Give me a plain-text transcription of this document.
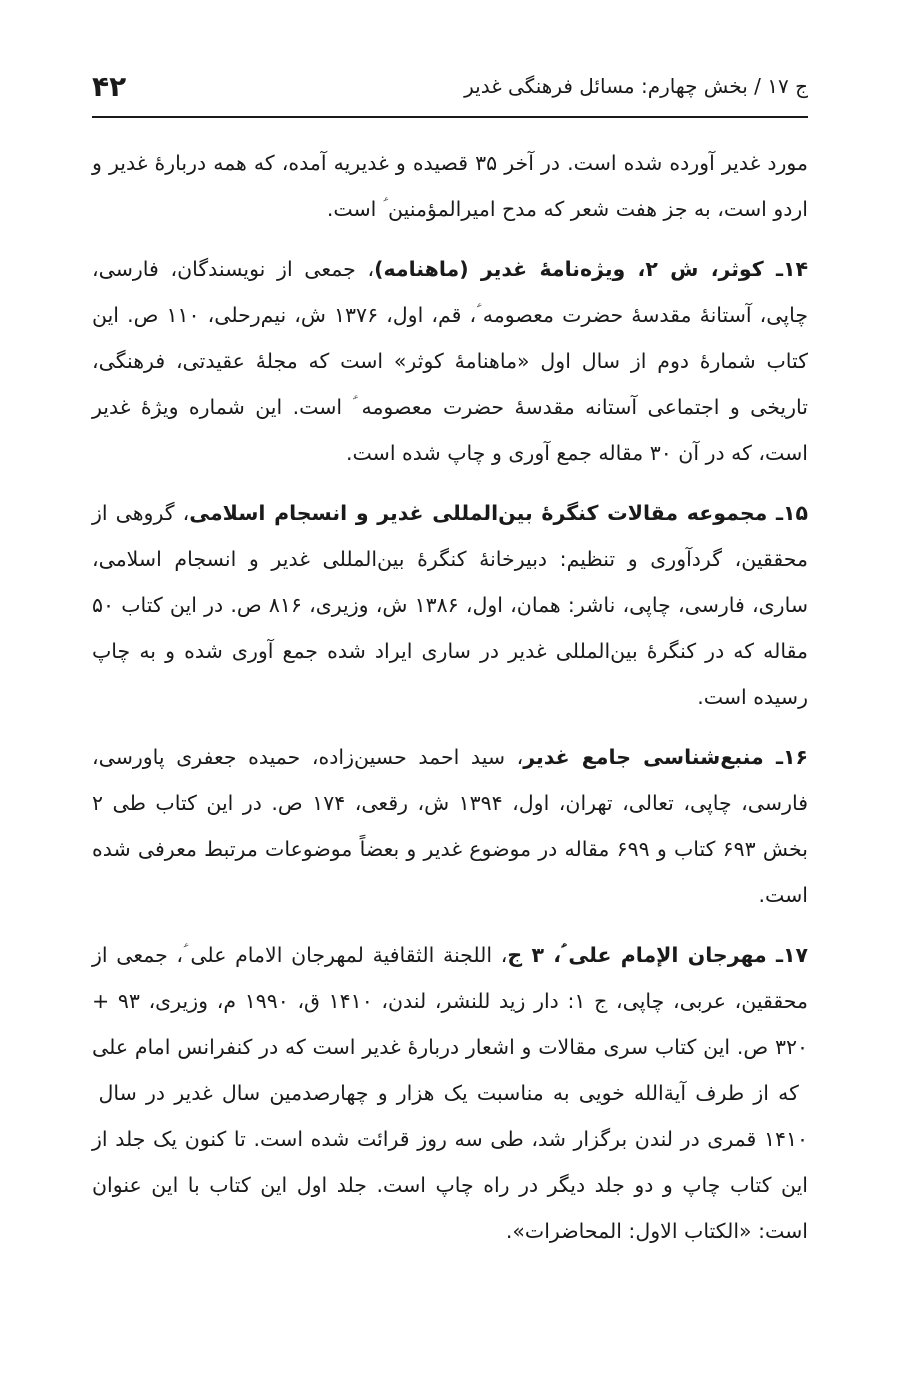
ج ۱۷ / بخش چهارم: مسائل فرهنگی غدیر
۴۲

مورد غدیر آورده شده است. در آخر ۳۵ قصیده و غدیریه آمده، که همه دربارهٔ غدیر و اردو است، به جز هفت شعر که مدح امیرالمؤمنین ؑ است.

۱۴ـ کوثر، ش ۲، ویژه‌نامهٔ غدیر (ماهنامه)، جمعی از نویسندگان، فارسی، چاپی، آستانهٔ مقدسهٔ حضرت معصومه ؑ، قم، اول، ۱۳۷۶ ش، نیم‌رحلی، ۱۱۰ ص. این کتاب شمارهٔ دوم از سال اول «ماهنامهٔ کوثر» است که مجلهٔ عقیدتی، فرهنگی، تاریخی و اجتماعی آستانه مقدسهٔ حضرت معصومه ؑ است. این شماره ویژهٔ غدیر است، که در آن ۳۰ مقاله جمع آوری و چاپ شده است.

۱۵ـ مجموعه مقالات کنگرهٔ بین‌المللی غدیر و انسجام اسلامی، گروهی از محققین، گردآوری و تنظیم: دبیرخانهٔ کنگرهٔ بین‌المللی غدیر و انسجام اسلامی، ساری، فارسی، چاپی، ناشر: همان، اول، ۱۳۸۶ ش، وزیری، ۸۱۶ ص. در این کتاب ۵۰ مقاله که در کنگرهٔ بین‌المللی غدیر در ساری ایراد شده جمع آوری شده و به چاپ رسیده است.

۱۶ـ منبع‌شناسی جامع غدیر، سید احمد حسین‌زاده، حمیده جعفری پاورسی، فارسی، چاپی، تعالی، تهران، اول، ۱۳۹۴ ش، رقعی، ۱۷۴ ص. در این کتاب طی ۲ بخش ۶۹۳ کتاب و ۶۹۹ مقاله در موضوع غدیر و بعضاً موضوعات مرتبط معرفی شده است.

۱۷ـ مهرجان الإمام علی ؑ، ۳ ج، اللجنة الثقافیة لمهرجان الامام علی ؑ، جمعی از محققین، عربی، چاپی، ج ۱: دار زید للنشر، لندن، ۱۴۱۰ ق، ۱۹۹۰ م، وزیری، ۹۳ + ۳۲۰ ص. این کتاب سری مقالات و اشعار دربارهٔ غدیر است که در کنفرانس امام علی ؑ که از طرف آیة‌الله خویی به مناسبت یک هزار و چهارصدمین سال غدیر در سال ۱۴۱۰ قمری در لندن برگزار شد، طی سه روز قرائت شده است. تا کنون یک جلد از این کتاب چاپ و دو جلد دیگر در راه چاپ است. جلد اول این کتاب با این عنوان است: «الکتاب الاول: المحاضرات».
